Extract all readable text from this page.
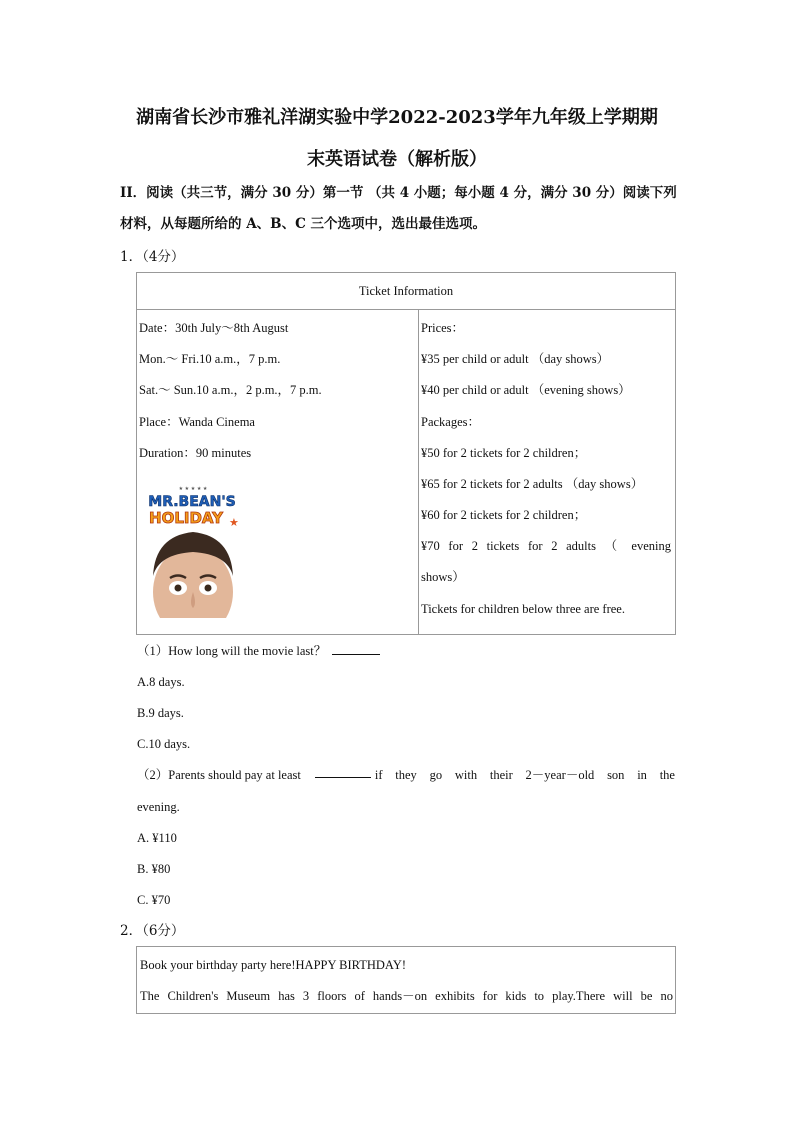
湖南省长沙市雅礼洋湖实验中学2022-2023学年九年级上学期期
末英语试卷（解析版）
II．阅读（共三节，满分 30 分）第一节 （共 4 小题；每小题 4 分，满分 30 分）阅读下列
材料，从每题所给的 A、B、C 三个选项中，选出最佳选项。
1．（4分）
Ticket Information

Date：30th July～8th August
Mon.～ Fri.10 a.m.，7 p.m.
Sat.～ Sun.10 a.m.，2 p.m.，7 p.m.
Place：Wanda Cinema
Duration：90 minutes
★ ★ ★ ★ ★
MR.BEAN'S
HOLIDAY ★

Prices：
¥35 per child or adult （day shows）
¥40 per child or adult （evening shows）
Packages：
¥50 for 2 tickets for 2 children；
¥65 for 2 tickets for 2 adults （day shows）
¥60 for 2 tickets for 2 children；
¥70 for 2 tickets for 2 adults （ evening
shows）
Tickets for children below three are free.
（1）How long will the movie last？
A.8 days.
B.9 days.
C.10 days.
（2）Parents should pay at least	if they go with their 2－year－old son in the
evening.
A. ¥110
B. ¥80
C. ¥70
2．（6分）
Book your birthday party here!HAPPY BIRTHDAY!
The Children's Museum has 3 floors of hands－on exhibits for kids to play.There will be no
